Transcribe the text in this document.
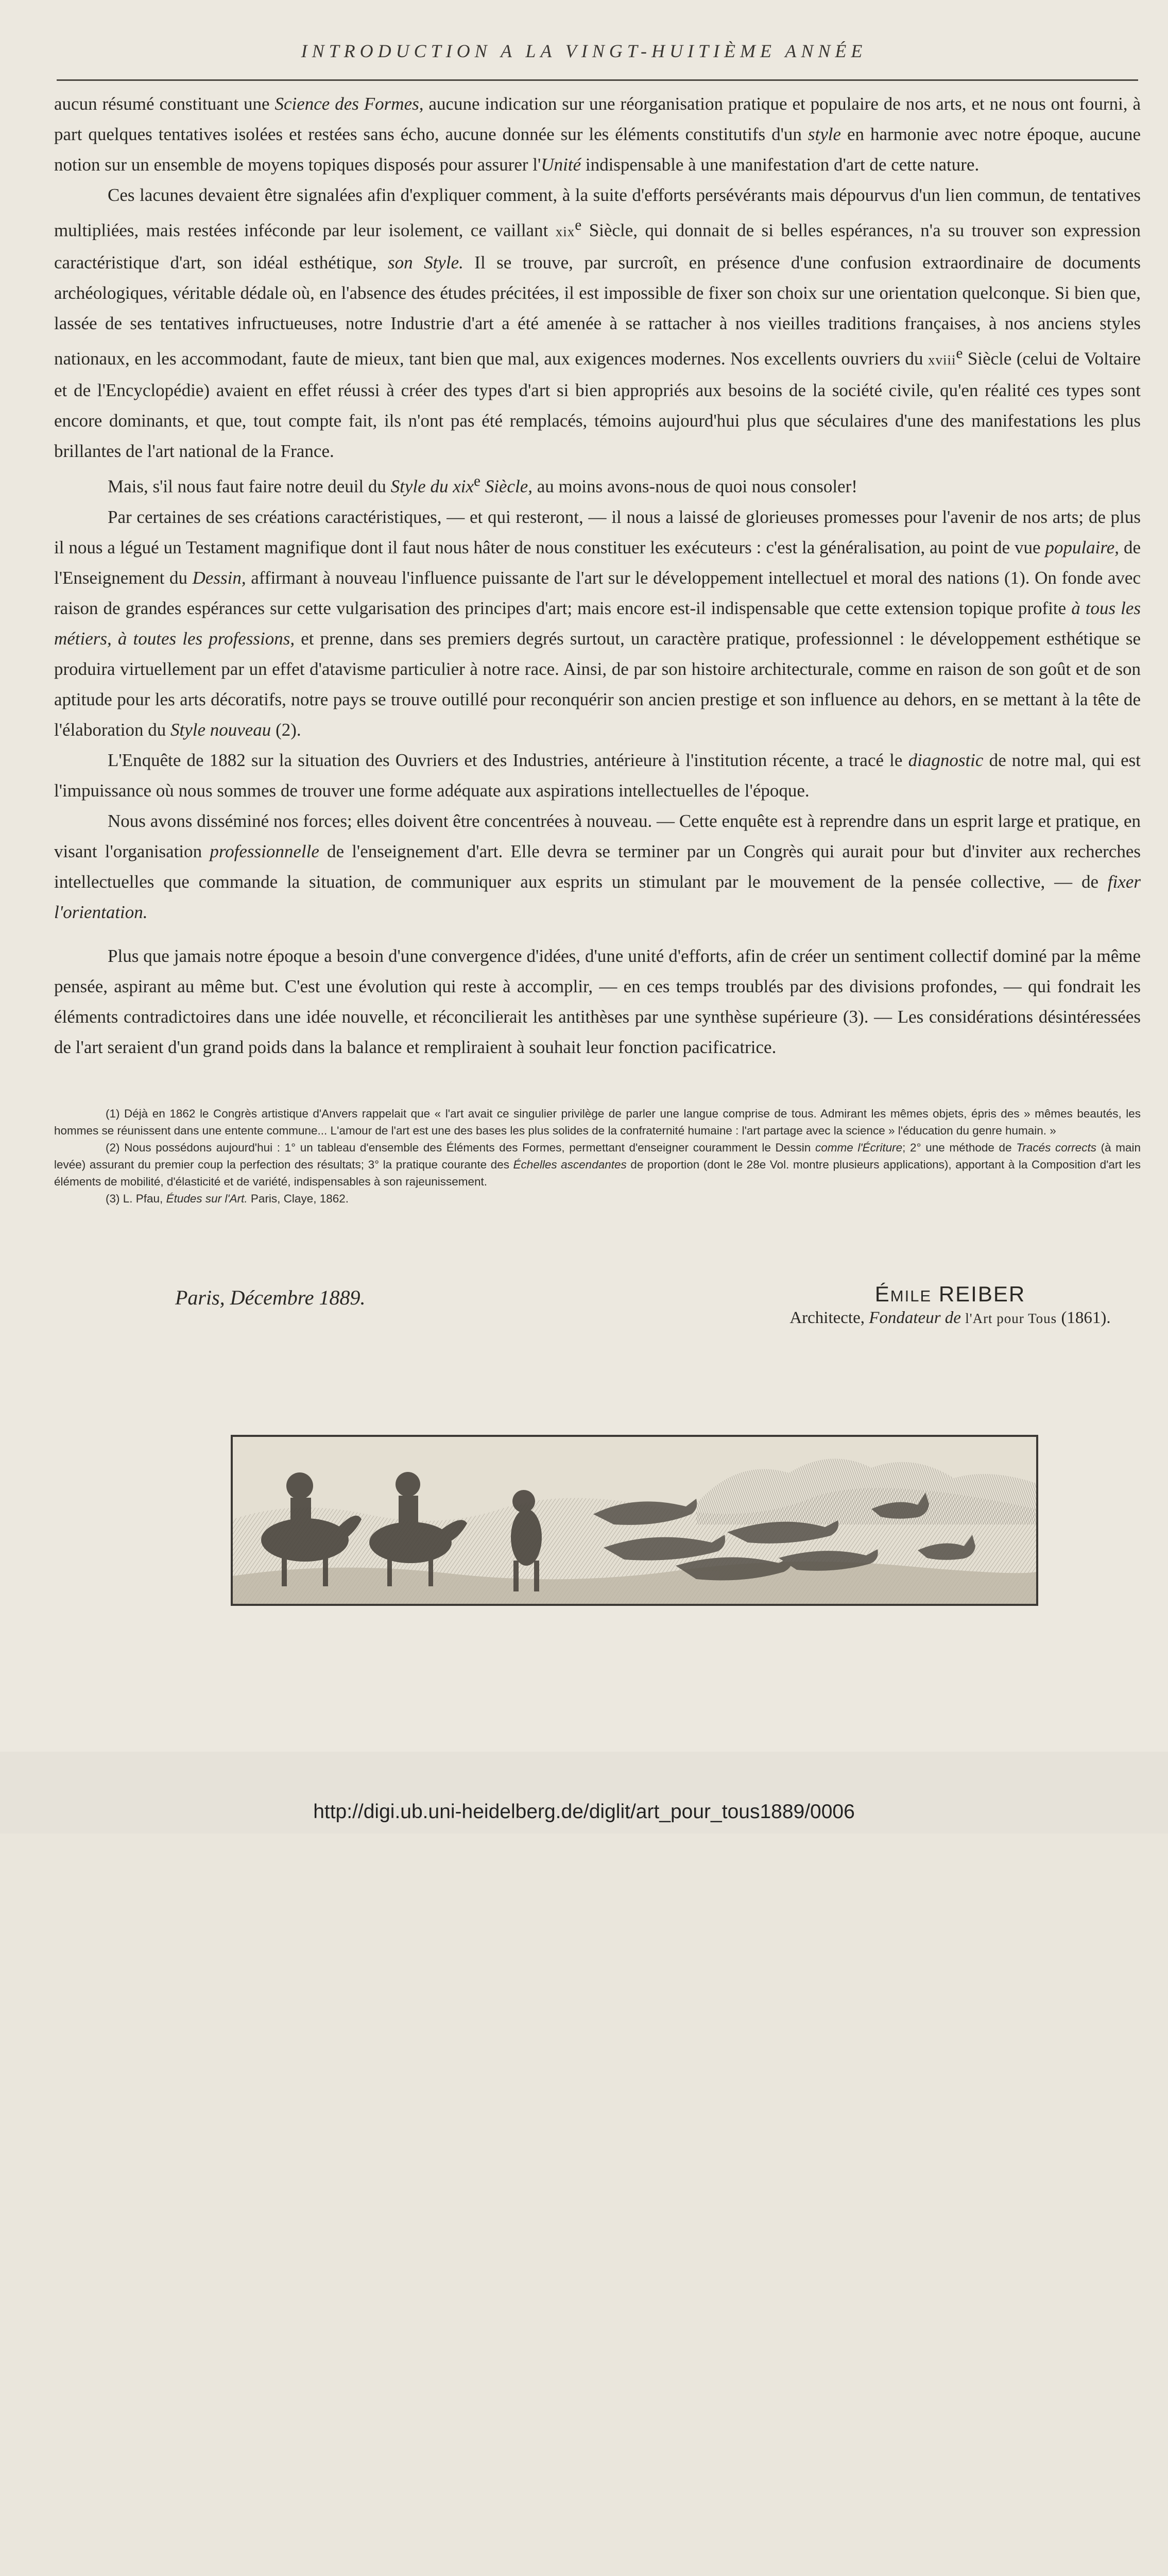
INTRODUCTION A LA VINGT-HUITIÈME ANNÉE

aucun résumé constituant une Science des Formes, aucune indication sur une réorganisation pratique et populaire de nos arts, et ne nous ont fourni, à part quelques tentatives isolées et restées sans écho, aucune donnée sur les éléments constitutifs d'un style en harmonie avec notre époque, aucune notion sur un ensemble de moyens topiques disposés pour assurer l'Unité indispensable à une manifestation d'art de cette nature.

Ces lacunes devaient être signalées afin d'expliquer comment, à la suite d'efforts persévérants mais dépourvus d'un lien commun, de tentatives multipliées, mais restées inféconde par leur isolement, ce vaillant xix$^e$ Siècle, qui donnait de si belles espérances, n'a su trouver son expression caractéristique d'art, son idéal esthétique, son Style. Il se trouve, par surcroît, en présence d'une confusion extraordinaire de documents archéologiques, véritable dédale où, en l'absence des études précitées, il est impossible de fixer son choix sur une orientation quelconque. Si bien que, lassée de ses tentatives infructueuses, notre Industrie d'art a été amenée à se rattacher à nos vieilles traditions françaises, à nos anciens styles nationaux, en les accommodant, faute de mieux, tant bien que mal, aux exigences modernes. Nos excellents ouvriers du xviii$^e$ Siècle (celui de Voltaire et de l'Encyclopédie) avaient en effet réussi à créer des types d'art si bien appropriés aux besoins de la société civile, qu'en réalité ces types sont encore dominants, et que, tout compte fait, ils n'ont pas été remplacés, témoins aujourd'hui plus que séculaires d'une des manifestations les plus brillantes de l'art national de la France.

Mais, s'il nous faut faire notre deuil du Style du xix$^e$ Siècle, au moins avons-nous de quoi nous consoler!

Par certaines de ses créations caractéristiques, — et qui resteront, — il nous a laissé de glorieuses promesses pour l'avenir de nos arts; de plus il nous a légué un Testament magnifique dont il faut nous hâter de nous constituer les exécuteurs : c'est la généralisation, au point de vue populaire, de l'Enseignement du Dessin, affirmant à nouveau l'influence puissante de l'art sur le développement intellectuel et moral des nations (1). On fonde avec raison de grandes espérances sur cette vulgarisation des principes d'art; mais encore est-il indispensable que cette extension topique profite à tous les métiers, à toutes les professions, et prenne, dans ses premiers degrés surtout, un caractère pratique, professionnel : le développement esthétique se produira virtuellement par un effet d'atavisme particulier à notre race. Ainsi, de par son histoire architecturale, comme en raison de son goût et de son aptitude pour les arts décoratifs, notre pays se trouve outillé pour reconquérir son ancien prestige et son influence au dehors, en se mettant à la tête de l'élaboration du Style nouveau (2).

L'Enquête de 1882 sur la situation des Ouvriers et des Industries, antérieure à l'institution récente, a tracé le diagnostic de notre mal, qui est l'impuissance où nous sommes de trouver une forme adéquate aux aspirations intellectuelles de l'époque.

Nous avons disséminé nos forces; elles doivent être concentrées à nouveau. — Cette enquête est à reprendre dans un esprit large et pratique, en visant l'organisation professionnelle de l'enseignement d'art. Elle devra se terminer par un Congrès qui aurait pour but d'inviter aux recherches intellectuelles que commande la situation, de communiquer aux esprits un stimulant par le mouvement de la pensée collective, — de fixer l'orientation.

Plus que jamais notre époque a besoin d'une convergence d'idées, d'une unité d'efforts, afin de créer un sentiment collectif dominé par la même pensée, aspirant au même but. C'est une évolution qui reste à accomplir, — en ces temps troublés par des divisions profondes, — qui fondrait les éléments contradictoires dans une idée nouvelle, et réconcilierait les antithèses par une synthèse supérieure (3). — Les considérations désintéressées de l'art seraient d'un grand poids dans la balance et rempliraient à souhait leur fonction pacificatrice.

(1) Déjà en 1862 le Congrès artistique d'Anvers rappelait que « l'art avait ce singulier privilège de parler une langue comprise de tous. Admirant les mêmes objets, épris des » mêmes beautés, les hommes se réunissent dans une entente commune... L'amour de l'art est une des bases les plus solides de la confraternité humaine : l'art partage avec la science » l'éducation du genre humain. »

(2) Nous possédons aujourd'hui : 1° un tableau d'ensemble des Éléments des Formes, permettant d'enseigner couramment le Dessin comme l'Écriture; 2° une méthode de Tracés corrects (à main levée) assurant du premier coup la perfection des résultats; 3° la pratique courante des Échelles ascendantes de proportion (dont le 28e Vol. montre plusieurs applications), apportant à la Composition d'art les éléments de mobilité, d'élasticité et de variété, indispensables à son rajeunissement.

(3) L. Pfau, Études sur l'Art. Paris, Claye, 1862.

Paris, Décembre 1889.	ÉMILE REIBER
Architecte, Fondateur de l'Art pour Tous (1861).
http://digi.ub.uni-heidelberg.de/diglit/art_pour_tous1889/0006
